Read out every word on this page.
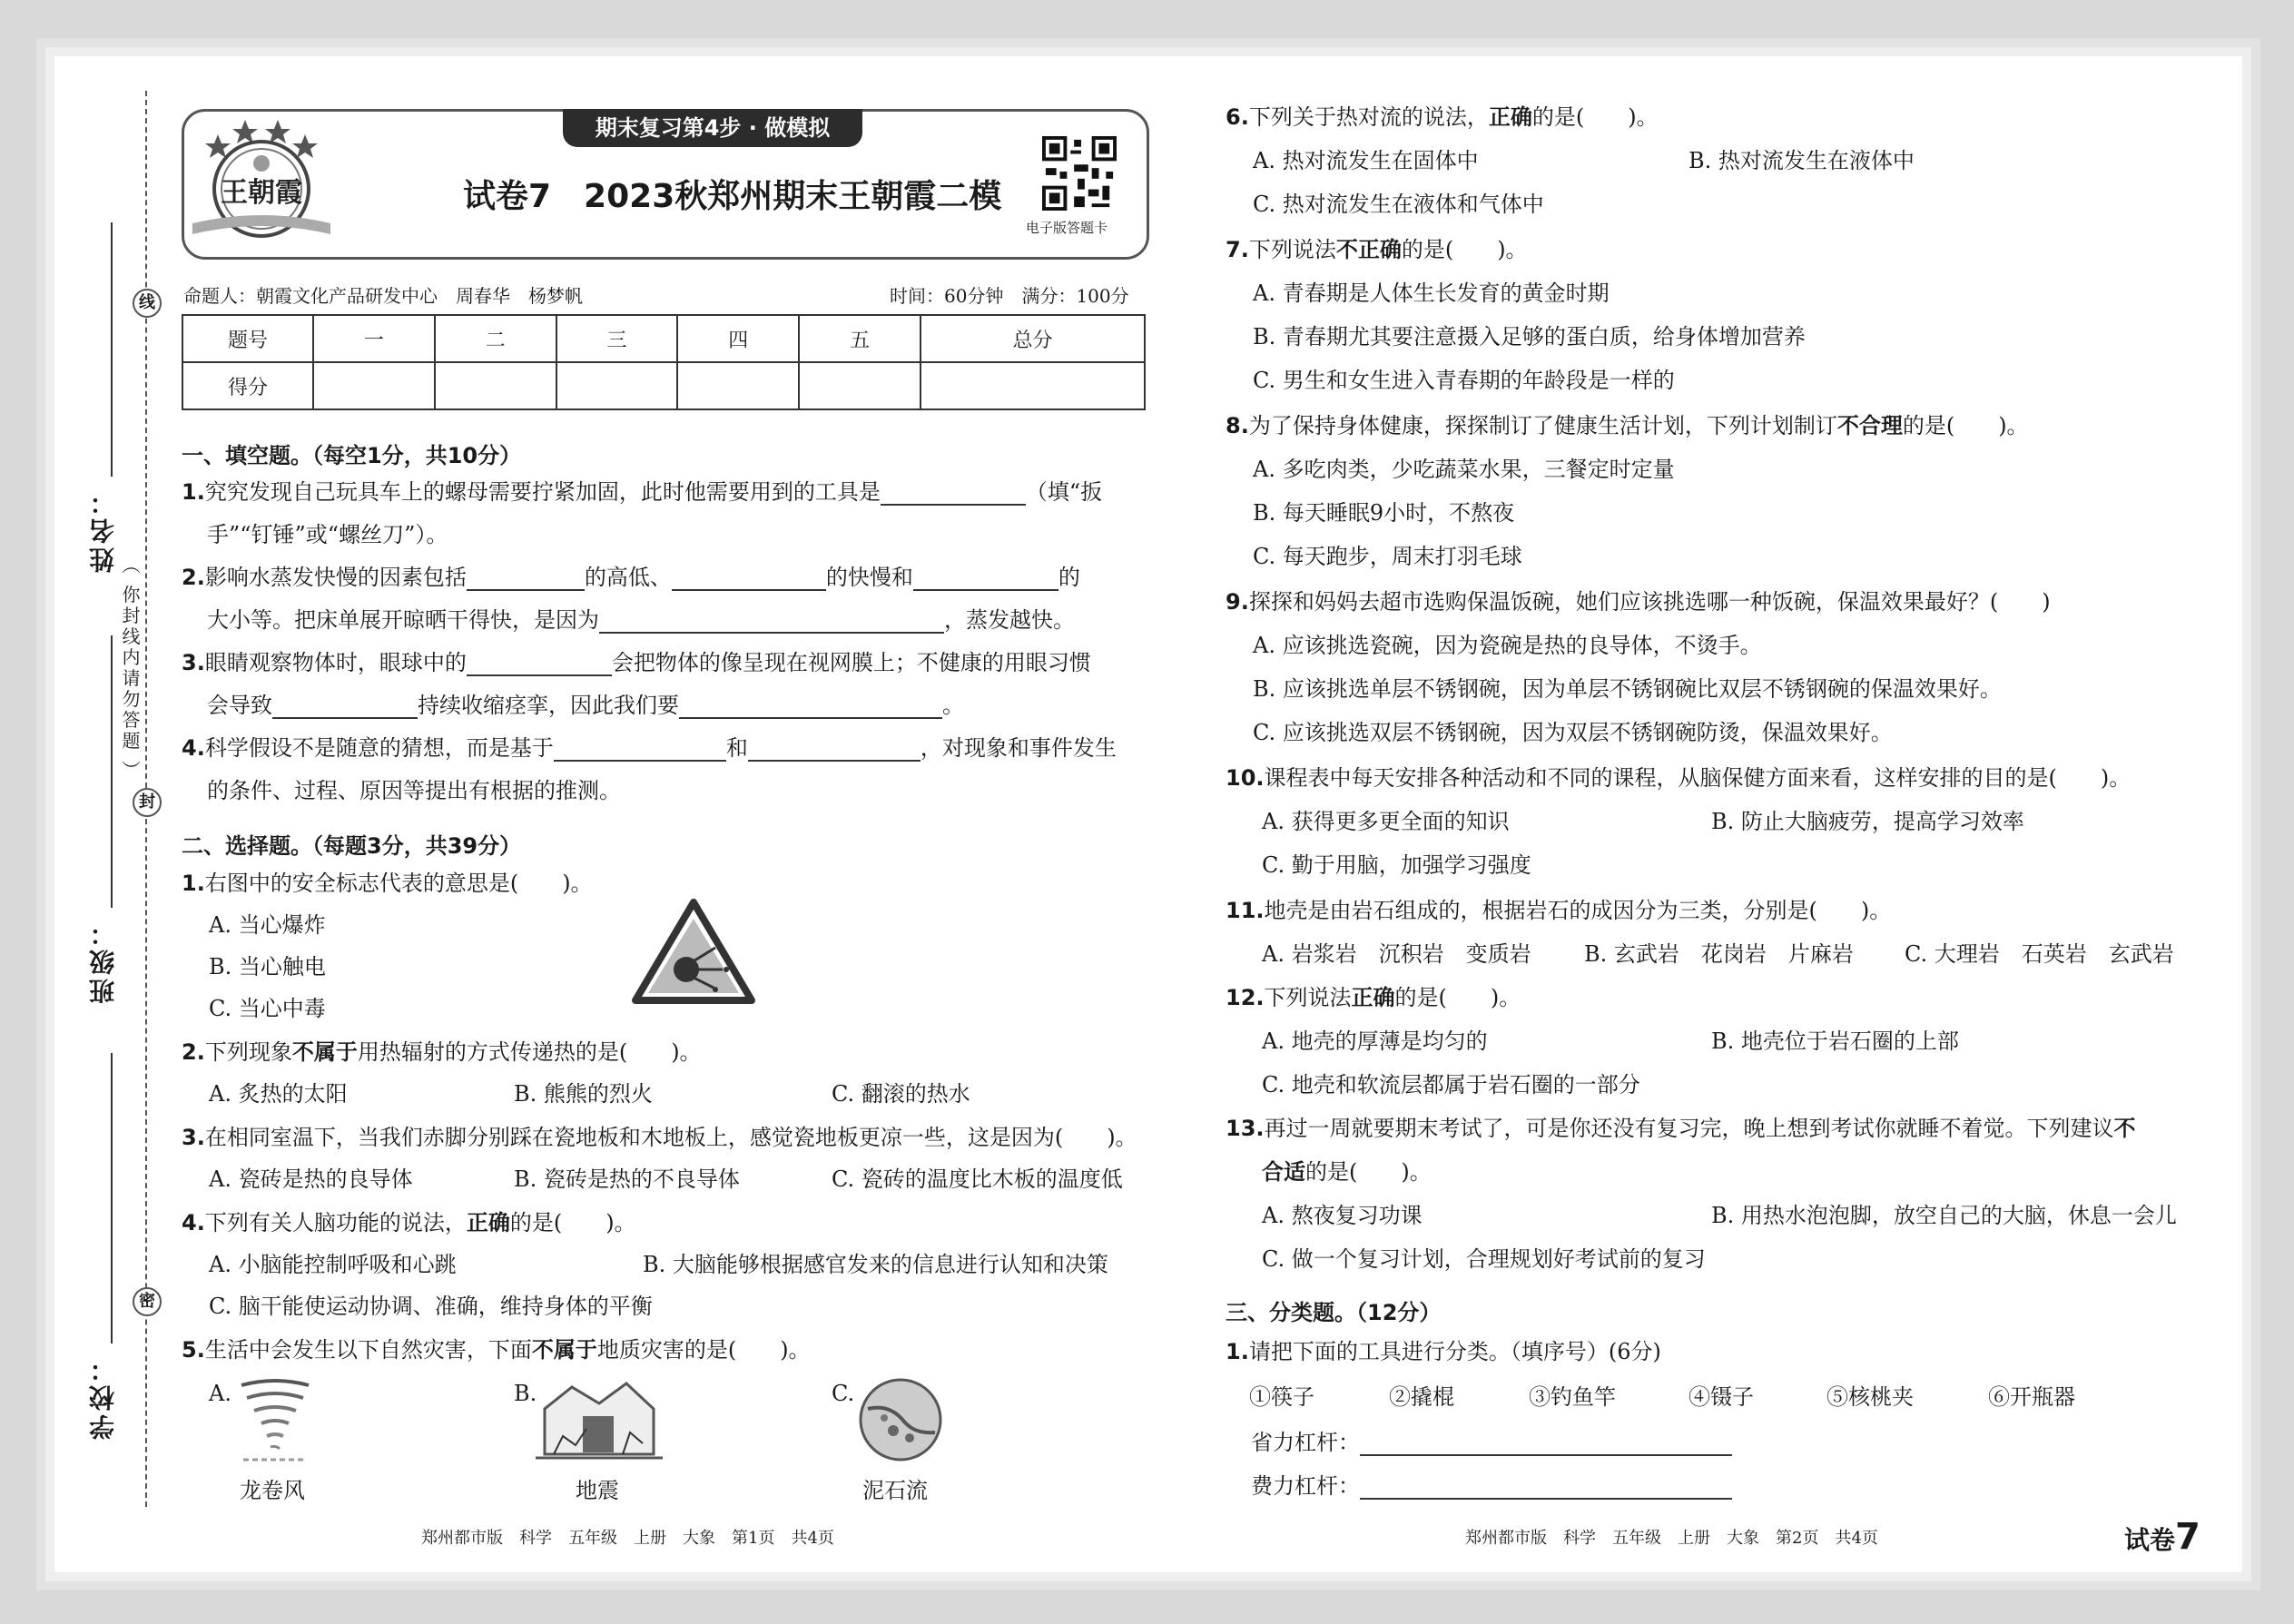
线
封
密
（ 你封线内请勿答题 ）
姓名：
班级：
学校：
王朝霞
期末复习第4步 · 做模拟
试卷7　2023秋郑州期末王朝霞二模
电子版答题卡
命题人：朝霞文化产品研发中心　周春华　杨梦帆	时间：60分钟　满分：100分
题号	一	二	三	四	五	总分
得分						
一、填空题。（每空1分，共10分）
1.究究发现自己玩具车上的螺母需要拧紧加固，此时他需要用到的工具是	（填“扳
手”“钉锤”或“螺丝刀”）。
2.影响水蒸发快慢的因素包括	的高低、	的快慢和	的
大小等。把床单展开晾晒干得快，是因为	，蒸发越快。
3.眼睛观察物体时，眼球中的	会把物体的像呈现在视网膜上；不健康的用眼习惯
会导致	持续收缩痉挛，因此我们要	。
4.科学假设不是随意的猜想，而是基于	和	，对现象和事件发生
的条件、过程、原因等提出有根据的推测。
二、选择题。（每题3分，共39分）
1.右图中的安全标志代表的意思是(　　)。
A. 当心爆炸
B. 当心触电
C. 当心中毒
2.下列现象不属于用热辐射的方式传递热的是(　　)。
A. 炙热的太阳	B. 熊熊的烈火	C. 翻滚的热水
3.在相同室温下，当我们赤脚分别踩在瓷地板和木地板上，感觉瓷地板更凉一些，这是因为(　　)。
A. 瓷砖是热的良导体	B. 瓷砖是热的不良导体	C. 瓷砖的温度比木板的温度低
4.下列有关人脑功能的说法，正确的是(　　)。
A. 小脑能控制呼吸和心跳	B. 大脑能够根据感官发来的信息进行认知和决策
C. 脑干能使运动协调、准确，维持身体的平衡
5.生活中会发生以下自然灾害，下面不属于地质灾害的是(　　)。
A.	B.	C.
龙卷风	地震	泥石流
6.下列关于热对流的说法，正确的是(　　)。
A. 热对流发生在固体中	B. 热对流发生在液体中
C. 热对流发生在液体和气体中
7.下列说法不正确的是(　　)。
A. 青春期是人体生长发育的黄金时期
B. 青春期尤其要注意摄入足够的蛋白质，给身体增加营养
C. 男生和女生进入青春期的年龄段是一样的
8.为了保持身体健康，探探制订了健康生活计划，下列计划制订不合理的是(　　)。
A. 多吃肉类，少吃蔬菜水果，三餐定时定量
B. 每天睡眠9小时，不熬夜
C. 每天跑步，周末打羽毛球
9.探探和妈妈去超市选购保温饭碗，她们应该挑选哪一种饭碗，保温效果最好？(　　)
A. 应该挑选瓷碗，因为瓷碗是热的良导体，不烫手。
B. 应该挑选单层不锈钢碗，因为单层不锈钢碗比双层不锈钢碗的保温效果好。
C. 应该挑选双层不锈钢碗，因为双层不锈钢碗防烫，保温效果好。
10.课程表中每天安排各种活动和不同的课程，从脑保健方面来看，这样安排的目的是(　　)。
A. 获得更多更全面的知识	B. 防止大脑疲劳，提高学习效率
C. 勤于用脑，加强学习强度
11.地壳是由岩石组成的，根据岩石的成因分为三类，分别是(　　)。
A. 岩浆岩　沉积岩　变质岩 B. 玄武岩　花岗岩　片麻岩 C. 大理岩　石英岩　玄武岩
12.下列说法正确的是(　　)。
A. 地壳的厚薄是均匀的	B. 地壳位于岩石圈的上部
C. 地壳和软流层都属于岩石圈的一部分
13.再过一周就要期末考试了，可是你还没有复习完，晚上想到考试你就睡不着觉。下列建议不
合适的是(　　)。
A. 熬夜复习功课	B. 用热水泡泡脚，放空自己的大脑，休息一会儿
C. 做一个复习计划，合理规划好考试前的复习
三、分类题。（12分）
1.请把下面的工具进行分类。（填序号）(6分)
①筷子	②撬棍	③钓鱼竿	④镊子	⑤核桃夹	⑥开瓶器
省力杠杆：
费力杠杆：
郑州都市版　科学　五年级　上册　大象　第1页　共4页	郑州都市版　科学　五年级　上册　大象　第2页　共4页	试卷7
